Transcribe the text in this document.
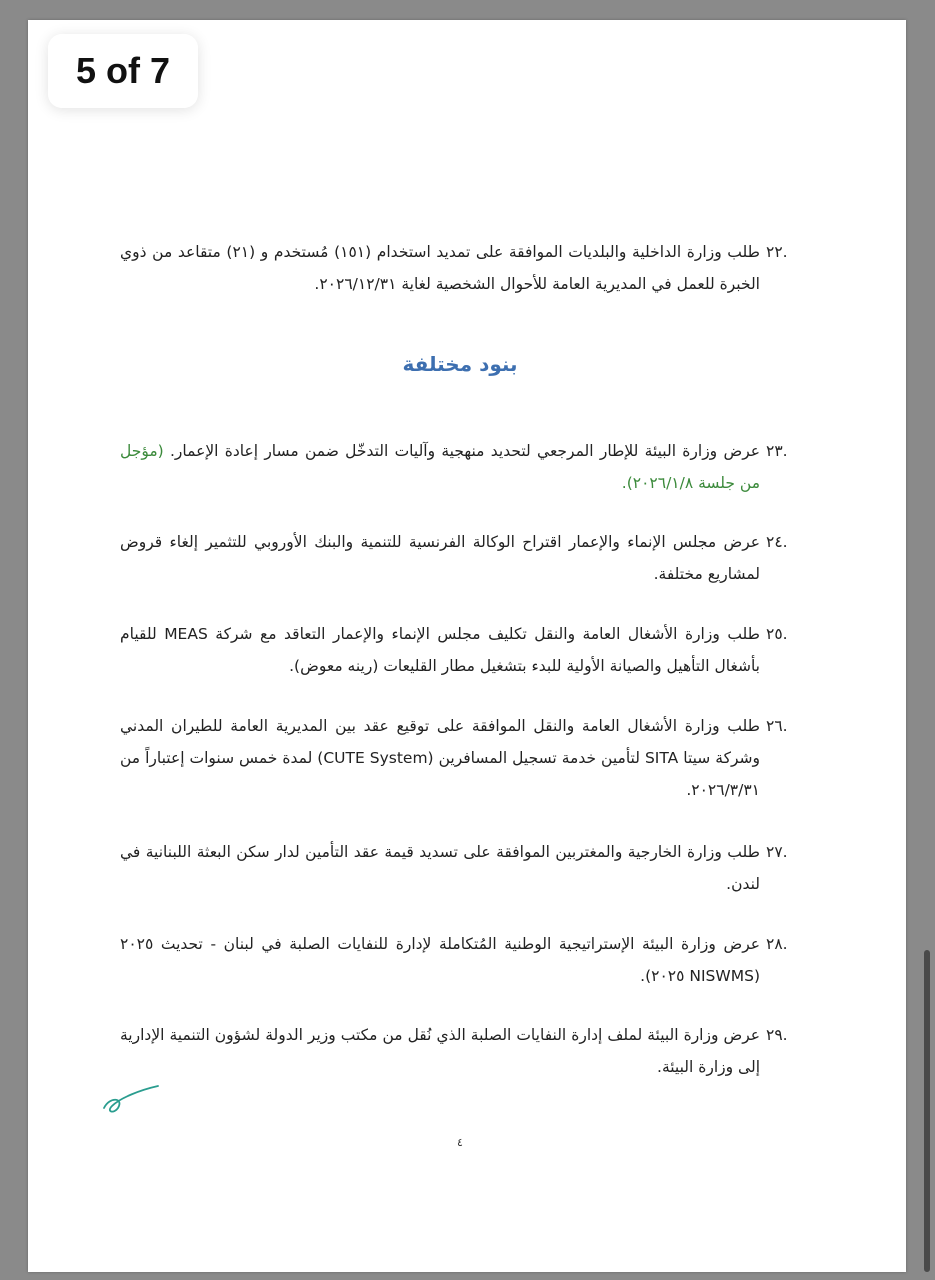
5 of 7
.٢٢
طلب وزارة الداخلية والبلديات الموافقة على تمديد استخدام (١٥١) مُستخدم و (٢١) متقاعد من ذوي الخبرة للعمل في المديرية العامة للأحوال الشخصية لغاية ٢٠٢٦/١٢/٣١.
بنود مختلفة
.٢٣
عرض وزارة البيئة للإطار المرجعي لتحديد منهجية وآليات التدخّل ضمن مسار إعادة الإعمار. (مؤجل من جلسة ٢٠٢٦/١/٨).
.٢٤
عرض مجلس الإنماء والإعمار اقتراح الوكالة الفرنسية للتنمية والبنك الأوروبي للتثمير إلغاء قروض لمشاريع مختلفة.
.٢٥
طلب وزارة الأشغال العامة والنقل تكليف مجلس الإنماء والإعمار التعاقد مع شركة MEAS للقيام بأشغال التأهيل والصيانة الأولية للبدء بتشغيل مطار القليعات (رينه معوض).
.٢٦
طلب وزارة الأشغال العامة والنقل الموافقة على توقيع عقد بين المديرية العامة للطيران المدني وشركة سيتا SITA لتأمين خدمة تسجيل المسافرين (CUTE System) لمدة خمس سنوات إعتباراً من ٢٠٢٦/٣/٣١.
.٢٧
طلب وزارة الخارجية والمغتربين الموافقة على تسديد قيمة عقد التأمين لدار سكن البعثة اللبنانية في لندن.
.٢٨
عرض وزارة البيئة الإستراتيجية الوطنية المُتكاملة لإدارة للنفايات الصلبة في لبنان - تحديث ٢٠٢٥ (NISWMS ٢٠٢٥).
.٢٩
عرض وزارة البيئة لملف إدارة النفايات الصلبة الذي نُقل من مكتب وزير الدولة لشؤون التنمية الإدارية إلى وزارة البيئة.
٤
